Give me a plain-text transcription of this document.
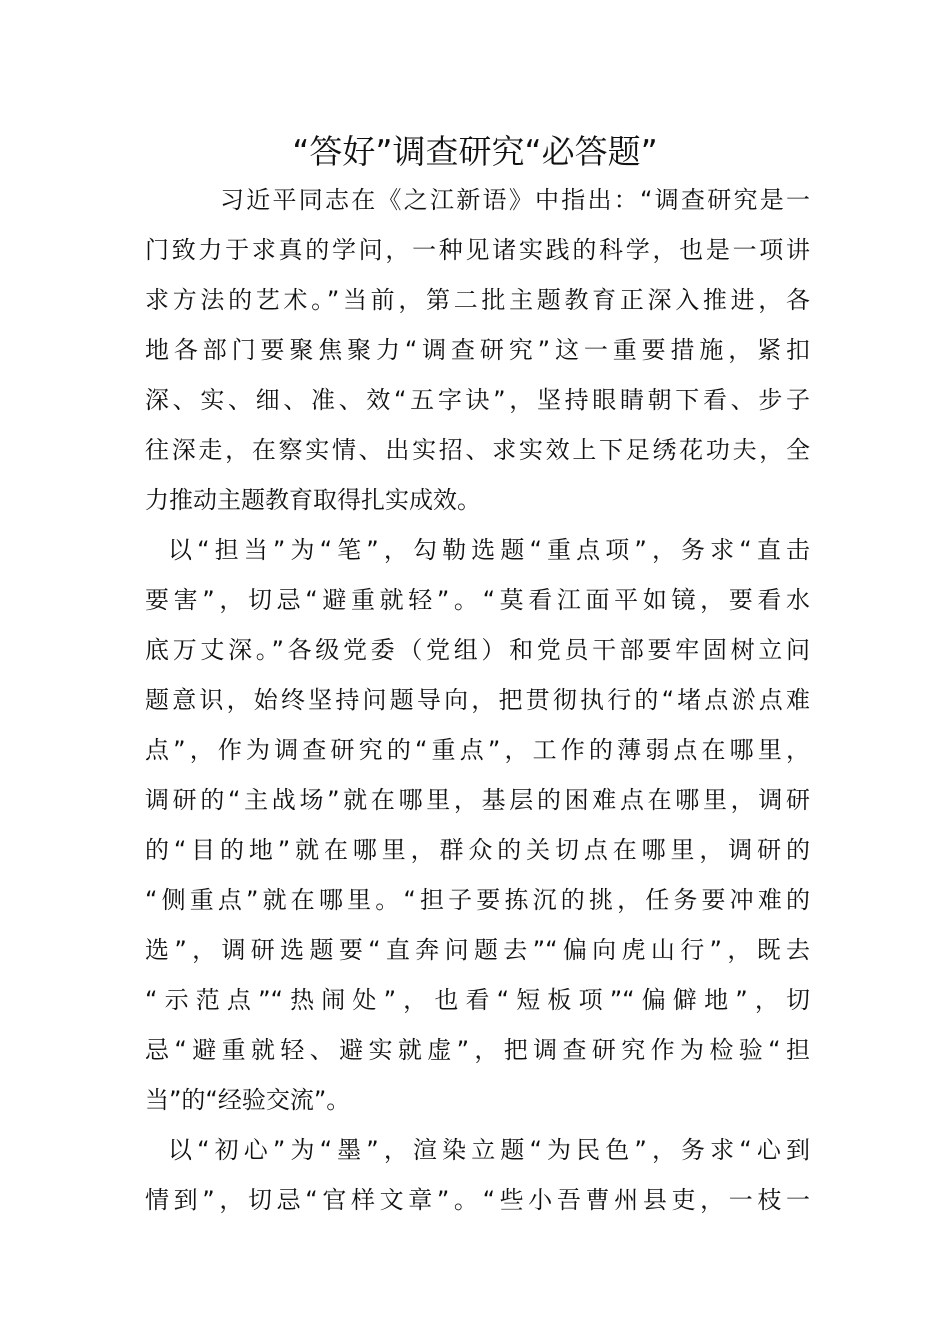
“答好”调查研究“必答题”
习近平同志在《之江新语》中指出：“调查研究是一
门致力于求真的学问，一种见诸实践的科学，也是一项讲
求方法的艺术。”当前，第二批主题教育正深入推进，各
地各部门要聚焦聚力“调查研究”这一重要措施，紧扣
深、实、细、准、效“五字诀”，坚持眼睛朝下看、步子
往深走，在察实情、出实招、求实效上下足绣花功夫，全
力推动主题教育取得扎实成效。
以“担当”为“笔”，勾勒选题“重点项”，务求“直击
要害”，切忌“避重就轻”。“莫看江面平如镜，要看水
底万丈深。”各级党委（党组）和党员干部要牢固树立问
题意识，始终坚持问题导向，把贯彻执行的“堵点淤点难
点”，作为调查研究的“重点”，工作的薄弱点在哪里，
调研的“主战场”就在哪里，基层的困难点在哪里，调研
的“目的地”就在哪里，群众的关切点在哪里，调研的
“侧重点”就在哪里。“担子要拣沉的挑，任务要冲难的
选”，调研选题要“直奔问题去”“偏向虎山行”，既去
“示范点”“热闹处”，也看“短板项”“偏僻地”，切
忌“避重就轻、避实就虚”，把调查研究作为检验“担
当”的“经验交流”。
以“初心”为“墨”，渲染立题“为民色”，务求“心到
情到”，切忌“官样文章”。“些小吾曹州县吏，一枝一
